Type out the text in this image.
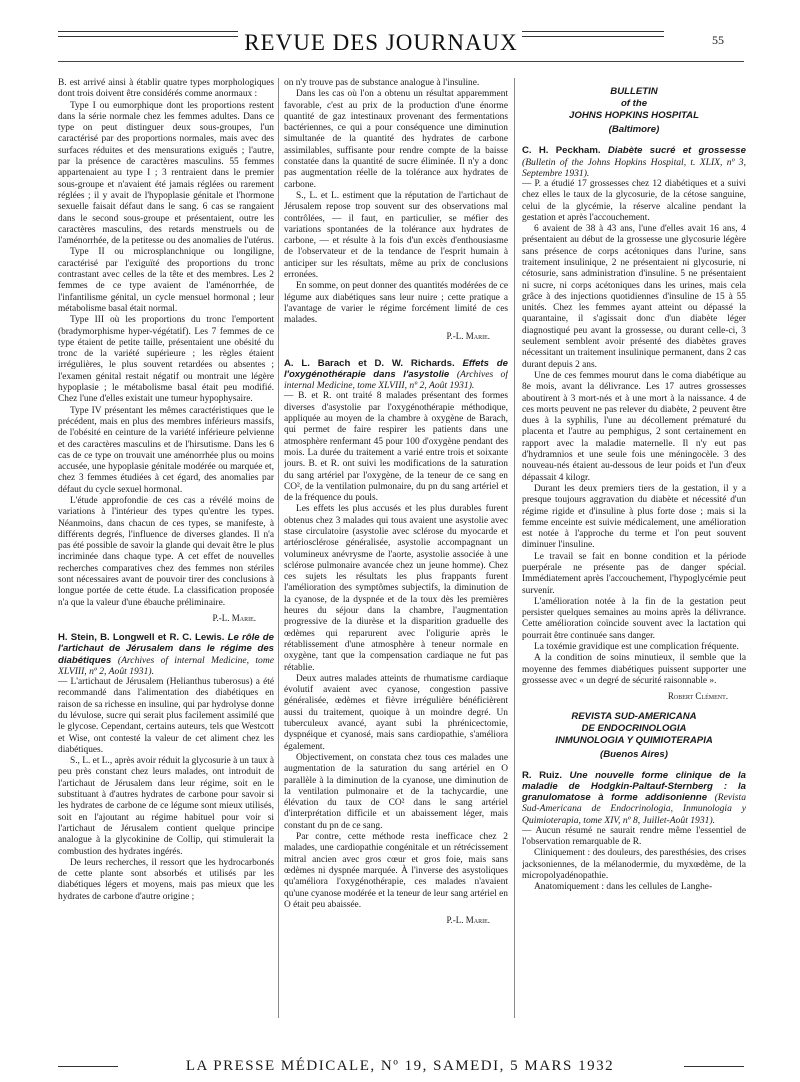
REVUE DES JOURNAUX	55

B. est arrivé ainsi à établir quatre types morphologiques dont trois doivent être considérés comme anormaux :

Type I ou eumorphique dont les proportions restent dans la série normale chez les femmes adultes. Dans ce type on peut distinguer deux sous-groupes, l'un caractérisé par des proportions normales, mais avec des surfaces réduites et des mensurations exiguës ; l'autre, par la présence de caractères masculins. 55 femmes appartenaient au type I ; 3 rentraient dans le premier sous-groupe et n'avaient été jamais réglées ou rarement réglées ; il y avait de l'hypoplasie génitale et l'hormone sexuelle faisait défaut dans le sang. 6 cas se rangaient dans le second sous-groupe et présentaient, outre les caractères masculins, des retards menstruels ou de l'aménorrhée, de la petitesse ou des anomalies de l'utérus.

Type II ou microsplanchnique ou longiligne, caractérisé par l'exiguïté des proportions du tronc contrastant avec celles de la tête et des membres. Les 2 femmes de ce type avaient de l'aménorrhée, de l'infantilisme génital, un cycle mensuel hormonal ; leur métabolisme basal était normal.

Type III où les proportions du tronc l'emportent (bradymorphisme hyper-végétatif). Les 7 femmes de ce type étaient de petite taille, présentaient une obésité du tronc de la variété supérieure ; les règles étaient irrégulières, le plus souvent retardées ou absentes ; l'examen génital restait négatif ou montrait une légère hypoplasie ; le métabolisme basal était peu modifié. Chez l'une d'elles existait une tumeur hypophysaire.

Type IV présentant les mêmes caractéristiques que le précédent, mais en plus des membres inférieurs massifs, de l'obésité en ceinture de la variété inférieure pelvienne et des caractères masculins et de l'hirsutisme. Dans les 6 cas de ce type on trouvait une aménorrhée plus ou moins accusée, une hypoplasie génitale modérée ou marquée et, chez 3 femmes étudiées à cet égard, des anomalies par défaut du cycle sexuel hormonal.

L'étude approfondie de ces cas a révélé moins de variations à l'intérieur des types qu'entre les types. Néanmoins, dans chacun de ces types, se manifeste, à différents degrés, l'influence de diverses glandes. Il n'a pas été possible de savoir la glande qui devait être le plus incriminée dans chaque type. A cet effet de nouvelles recherches comparatives chez des femmes non stériles sont nécessaires avant de pouvoir tirer des conclusions à longue portée de cette étude. La classification proposée n'a que la valeur d'une ébauche préliminaire.

P.-L. Marie.
H. Stein, B. Longwell et R. C. Lewis. Le rôle de l'artichaut de Jérusalem dans le régime des diabétiques (Archives of internal Medicine, tome XLVIII, nº 2, Août 1931).

— L'artichaut de Jérusalem (Helianthus tuberosus) a été recommandé dans l'alimentation des diabétiques en raison de sa richesse en insuline, qui par hydrolyse donne du lévulose, sucre qui serait plus facilement assimilé que le glycose. Cependant, certains auteurs, tels que Westcott et Wise, ont contesté la valeur de cet aliment chez les diabétiques.

S., L. et L., après avoir réduit la glycosurie à un taux à peu près constant chez leurs malades, ont introduit de l'artichaut de Jérusalem dans leur régime, soit en le substituant à d'autres hydrates de carbone pour savoir si les hydrates de carbone de ce légume sont mieux utilisés, soit en l'ajoutant au régime habituel pour voir si l'artichaut de Jérusalem contient quelque principe analogue à la glycokinine de Collip, qui stimulerait la combustion des hydrates ingérés.

De leurs recherches, il ressort que les hydrocarbonés de cette plante sont absorbés et utilisés par les diabétiques légers et moyens, mais pas mieux que les hydrates de carbone d'autre origine ;

on n'y trouve pas de substance analogue à l'insuline.

Dans les cas où l'on a obtenu un résultat apparemment favorable, c'est au prix de la production d'une énorme quantité de gaz intestinaux provenant des fermentations bactériennes, ce qui a pour conséquence une diminution simultanée de la quantité des hydrates de carbone assimilables, suffisante pour rendre compte de la baisse constatée dans la quantité de sucre éliminée. Il n'y a donc pas augmentation réelle de la tolérance aux hydrates de carbone.

S., L. et L. estiment que la réputation de l'artichaut de Jérusalem repose trop souvent sur des observations mal contrôlées, — il faut, en particulier, se méfier des variations spontanées de la tolérance aux hydrates de carbone, — et résulte à la fois d'un excès d'enthousiasme de l'observateur et de la tendance de l'esprit humain à anticiper sur les résultats, même au prix de conclusions erronées.

En somme, on peut donner des quantités modérées de ce légume aux diabétiques sans leur nuire ; cette pratique a l'avantage de varier le régime forcément limité de ces malades.

P.-L. Marie.
A. L. Barach et D. W. Richards. Effets de l'oxygénothérapie dans l'asystolie (Archives of internal Medicine, tome XLVIII, nº 2, Août 1931).

— B. et R. ont traité 8 malades présentant des formes diverses d'asystolie par l'oxygénothérapie méthodique, appliquée au moyen de la chambre à oxygène de Barach, qui permet de faire respirer les patients dans une atmosphère renfermant 45 pour 100 d'oxygène pendant des mois. La durée du traitement a varié entre trois et soixante jours. B. et R. ont suivi les modifications de la saturation du sang artériel par l'oxygène, de la teneur de ce sang en CO², de la ventilation pulmonaire, du pn du sang artériel et de la fréquence du pouls.

Les effets les plus accusés et les plus durables furent obtenus chez 3 malades qui tous avaient une asystolie avec stase circulatoire (asystolie avec sclérose du myocarde et artériosclérose généralisée, asystolie accompagnant un volumineux anévrysme de l'aorte, asystolie associée à une sclérose pulmonaire avancée chez un jeune homme). Chez ces sujets les résultats les plus frappants furent l'amélioration des symptômes subjectifs, la diminution de la cyanose, de la dyspnée et de la toux dès les premières heures du séjour dans la chambre, l'augmentation progressive de la diurèse et la disparition graduelle des œdèmes qui reparurent avec l'oligurie après le rétablissement d'une atmosphère à teneur normale en oxygène, tant que la compensation cardiaque ne fut pas rétablie.

Deux autres malades atteints de rhumatisme cardiaque évolutif avaient avec cyanose, congestion passive généralisée, œdèmes et fièvre irrégulière bénéficièrent aussi du traitement, quoique à un moindre degré. Un tuberculeux avancé, ayant subi la phrénicectomie, dyspnéique et cyanosé, mais sans cardiopathie, s'améliora également.

Objectivement, on constata chez tous ces malades une augmentation de la saturation du sang artériel en O parallèle à la diminution de la cyanose, une diminution de la ventilation pulmonaire et de la tachycardie, une élévation du taux de CO² dans le sang artériel d'interprétation difficile et un abaissement léger, mais constant du pn de ce sang.

Par contre, cette méthode resta inefficace chez 2 malades, une cardiopathie congénitale et un rétrécissement mitral ancien avec gros cœur et gros foie, mais sans œdèmes ni dyspnée marquée. À l'inverse des asystoliques qu'améliora l'oxygénothérapie, ces malades n'avaient qu'une cyanose modérée et la teneur de leur sang artériel en O était peu abaissée.

P.-L. Marie.
BULLETIN
of the
JOHNS HOPKINS HOSPITAL
(Baltimore)
C. H. Peckham. Diabète sucré et grossesse (Bulletin of the Johns Hopkins Hospital, t. XLIX, nº 3, Septembre 1931).

— P. a étudié 17 grossesses chez 12 diabétiques et a suivi chez elles le taux de la glycosurie, de la cétose sanguine, celui de la glycémie, la réserve alcaline pendant la gestation et après l'accouchement.

6 avaient de 38 à 43 ans, l'une d'elles avait 16 ans, 4 présentaient au début de la grossesse une glycosurie légère sans présence de corps acétoniques dans l'urine, sans traitement insulinique, 2 ne présentaient ni glycosurie, ni cétosurie, sans administration d'insuline. 5 ne présentaient ni sucre, ni corps acétoniques dans les urines, mais cela grâce à des injections quotidiennes d'insuline de 15 à 55 unités. Chez les femmes ayant atteint ou dépassé la quarantaine, il s'agissait donc d'un diabète léger diagnostiqué peu avant la grossesse, ou durant celle-ci, 3 seulement semblent avoir présenté des diabètes graves nécessitant un traitement insulinique permanent, dans 2 cas durant depuis 2 ans.

Une de ces femmes mourut dans le coma diabétique au 8e mois, avant la délivrance. Les 17 autres grossesses aboutirent à 3 mort-nés et à une mort à la naissance. 4 de ces morts peuvent ne pas relever du diabète, 2 peuvent être dues à la syphilis, l'une au décollement prématuré du placenta et l'autre au pemphigus, 2 sont certainement en rapport avec la maladie maternelle. Il n'y eut pas d'hydramnios et une seule fois une méningocèle. 3 des nouveau-nés étaient au-dessous de leur poids et l'un d'eux dépassait 4 kilogr.

Durant les deux premiers tiers de la gestation, il y a presque toujours aggravation du diabète et nécessité d'un régime rigide et d'insuline à plus forte dose ; mais si la femme enceinte est suivie médicalement, une amélioration est notée à l'approche du terme et l'on peut souvent diminuer l'insuline.

Le travail se fait en bonne condition et la période puerpérale ne présente pas de danger spécial. Immédiatement après l'accouchement, l'hypoglycémie peut survenir.

L'amélioration notée à la fin de la gestation peut persister quelques semaines au moins après la délivrance. Cette amélioration coïncide souvent avec la lactation qui pourrait être continuée sans danger.

La toxémie gravidique est une complication fréquente.

A la condition de soins minutieux, il semble que la moyenne des femmes diabétiques puissent supporter une grossesse avec « un degré de sécurité raisonnable ».

Robert Clément.
REVISTA SUD-AMERICANA
DE ENDOCRINOLOGIA
INMUNOLOGIA Y QUIMIOTERAPIA
(Buenos Aires)
R. Ruiz. Une nouvelle forme clinique de la maladie de Hodgkin-Paltauf-Sternberg : la granulomatose à forme addisonienne (Revista Sud-Americana de Endocrinologia, Inmunologia y Quimioterapia, tome XIV, nº 8, Juillet-Août 1931).

— Aucun résumé ne saurait rendre même l'essentiel de l'observation remarquable de R.

Cliniquement : des douleurs, des paresthésies, des crises jacksoniennes, de la mélanodermie, du myxœdème, de la micropolyadénopathie.

Anatomiquement : dans les cellules de Langhe-

LA PRESSE MÉDICALE, Nº 19, SAMEDI, 5 MARS 1932
